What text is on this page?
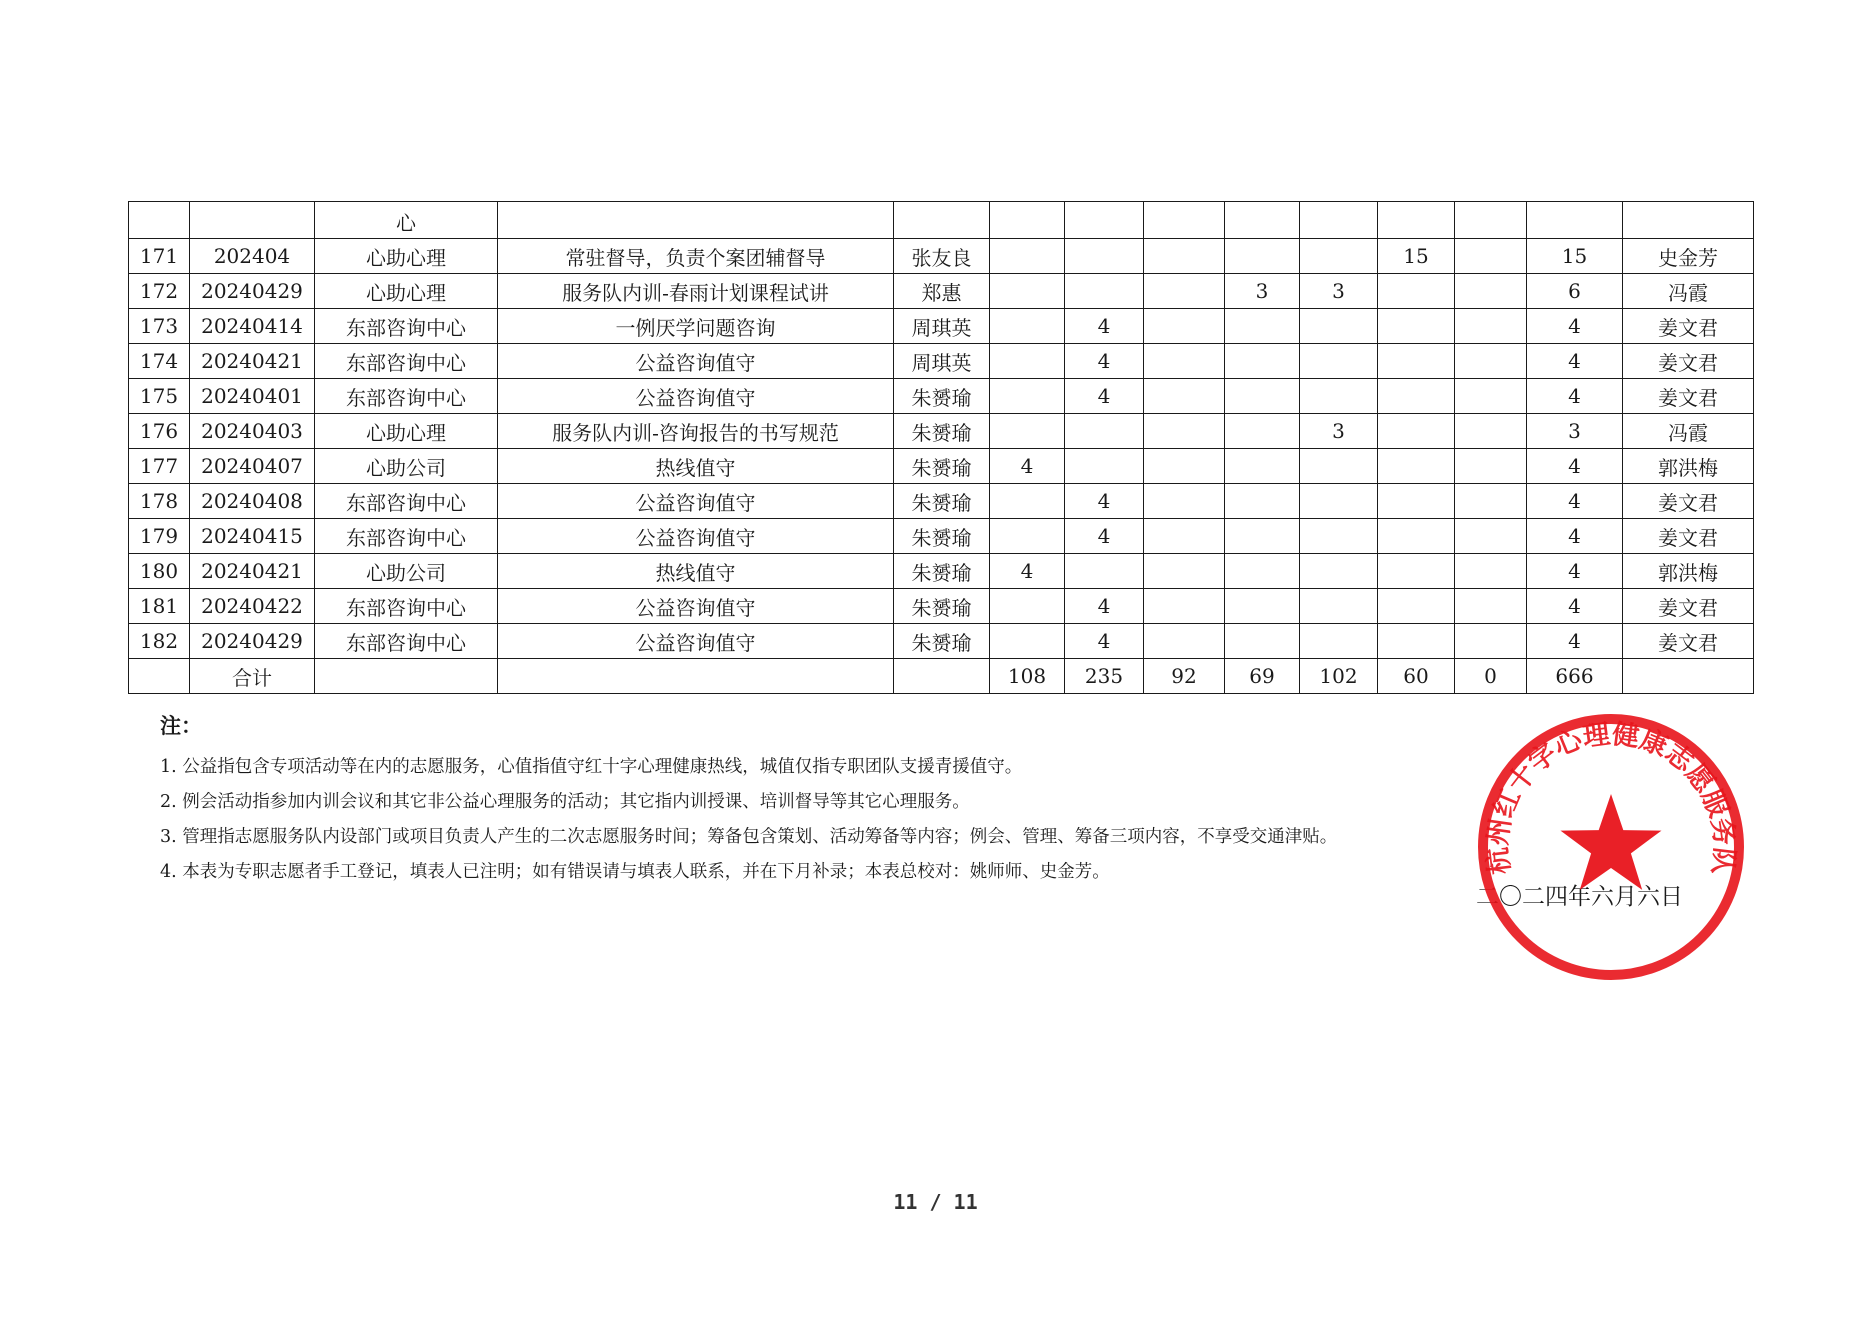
		心											
171	202404	心助心理	常驻督导，负责个案团辅督导	张友良						15		15	史金芳
172	20240429	心助心理	服务队内训-春雨计划课程试讲	郑惠				3	3			6	冯霞
173	20240414	东部咨询中心	一例厌学问题咨询	周琪英		4						4	姜文君
174	20240421	东部咨询中心	公益咨询值守	周琪英		4						4	姜文君
175	20240401	东部咨询中心	公益咨询值守	朱赟瑜		4						4	姜文君
176	20240403	心助心理	服务队内训-咨询报告的书写规范	朱赟瑜					3			3	冯霞
177	20240407	心助公司	热线值守	朱赟瑜	4							4	郭洪梅
178	20240408	东部咨询中心	公益咨询值守	朱赟瑜		4						4	姜文君
179	20240415	东部咨询中心	公益咨询值守	朱赟瑜		4						4	姜文君
180	20240421	心助公司	热线值守	朱赟瑜	4							4	郭洪梅
181	20240422	东部咨询中心	公益咨询值守	朱赟瑜		4						4	姜文君
182	20240429	东部咨询中心	公益咨询值守	朱赟瑜		4						4	姜文君
	合计				108	235	92	69	102	60	0	666	
注：
1. 公益指包含专项活动等在内的志愿服务，心值指值守红十字心理健康热线，城值仅指专职团队支援青援值守。
2. 例会活动指参加内训会议和其它非公益心理服务的活动；其它指内训授课、培训督导等其它心理服务。
3. 管理指志愿服务队内设部门或项目负责人产生的二次志愿服务时间；筹备包含策划、活动筹备等内容；例会、管理、筹备三项内容，不享受交通津贴。
4. 本表为专职志愿者手工登记，填表人已注明；如有错误请与填表人联系，并在下月补录；本表总校对：姚师师、史金芳。
二〇二四年六月六日
杭州红十字心理健康志愿服务队
11 / 11
